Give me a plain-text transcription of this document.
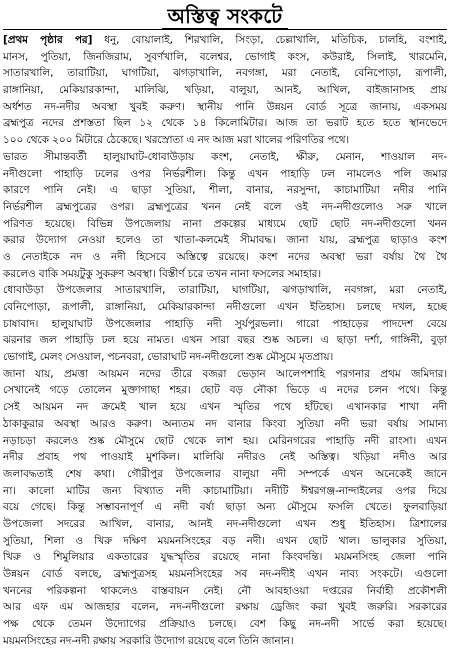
অস্তিত্ব সংকটে
[প্রথম পৃষ্ঠার পর] ধনু, বোয়ালাই, শিরখালি, সিংড়া, চেল্লাখালি, মতিচিক, চালহি, বংশাই,
মানস, পুতিয়া, জিনজিরাম, সুবর্ণখালি, বলেশ্বর, ভোগাই কংস, কউরাই, সিলাই, খারমেনি,
সাতারখালি, তারাটিয়া, ঘাগটিয়া, ঝগড়াখালি, নবগঙ্গা, মরা নেতাই, বেনিপোড়া, রূপালী,
রাঙ্গানিয়া, মেকিয়ারকান্দা, মালিঝি, খড়িয়া, বালুয়া, আনই, আখিল, বাইজানাসহ প্রায়
অর্ধশত নদ-নদীর অবস্থা খুবই করুণ। স্থানীয় পানি উন্নয়ন বোর্ড সূত্রে জানায়, একসময়
ব্রহ্মপুত্র নদের প্রশস্ততা ছিল ১২ থেকে ১৪ কিলোমিটার। আজ তা ভরাট হতে হতে স্থানভেদে
১০০ থেকে ২০০ মিটারে ঠেকেছে। খরস্রোতা এ নদ আজ মরা খালের পরিণতির পথে।
ভারত সীমান্তবর্তী হালুয়াঘাট-ধোবাউড়ায় কংশ, নেতাই, ক্ষীরু, মেনান, শাওয়াল নদ-
নদীগুলো পাহাড়ি ঢলের ওপর নির্ভরশীল। কিন্তু এখন পাহাড়ি ঢল নামলেও পলি জমার
কারণে পানি নেই। এ ছাড়া সুতিয়া, শীলা, বানার, নরসুন্দা, কাচামাটিয়া নদীর পানি
নির্ভরশীল ব্রহ্মপুত্রের ওপর। ব্রহ্মপুত্রের খনন নেই বলে ওই নদ-নদীগুলোও সরু খালে
পরিণত হয়েছে। বিভিন্ন উপজেলায় নানা প্রকল্পের মাধ্যমে ছোট ছোট নদ-নদীগুলো খনন
করার উদ্যোগ নেওয়া হলেও তা খাতা-কলমেই সীমাবদ্ধ। জানা যায়, ব্রহ্মপুত্র ছাড়াও কংশ
ও নেতাইকে নদ ও নদী হিসেবে অস্তিত্বে রয়েছে। কংশ নদের অবস্থা ভরা বর্ষায় থৈ থৈ
করলেও বাকি সময়টুকু সুকরুণ অবস্থা। বিস্তীর্ণ চরে তখন নানা ফসলের সমাহার।
ধোবাউড়া উপজেলার সাতারখালি, তারাটিয়া, ঘাগটিয়া, ঝগড়াখালি, নবগঙ্গা, মরা নেতাই,
বেনিপোড়া, রূপালী, রাঙ্গানিয়া, মেকিয়ারকান্দা নদীগুলো এখন ইতিহাস। চলছে দখল, হচ্ছে
চাষাবাদ। হালুয়াঘাট উপজেলার পাহাড়ি নদী সুর্যপুরভলা। গারো পাহাড়ের পাদদেশ বেয়ে
ঝরনার জল পাহাড়ি ঢল হয়ে নামত। এখন সারা বছর শুষ্ক অচল। এ ছাড়া দর্শা, গাঙ্গিনী, বুড়া
ভোগাই, মেলং সেওয়াল, পচনবরা, ভোরাঘাট নদ-নদীগুলো শুষ্ক মৌসুমে মৃতপ্রায়।
জানা যায়, প্রমত্তা আয়মন নদের তীরে বজরা ভেড়ান আলেপশাহি পরগনার প্রথম জমিদার।
সেখানেই গড়ে তোলেন মুক্তাগাছা শহর। ছোট বড় নৌকা ভিড়ে এ নদের চলন পথে। কিন্তু
সেই আয়মন নদ ক্রমেই খাল হয়ে এখন স্মৃতির পথে হাঁটছে। এখানকার শাখা নদী
ঠাকাকুরার অবস্থা আরও করুণ। অন্যতম নদ বানার কিংবা সুতিয়া নদী ভরা বর্ষায় সামান্য
নড়াচড়া করলেও শুষ্ক মৌসুমে ছোট থেকে লাশ হয়। মেরিনগরের পাহাড়ি নদী রাংসা। এখন
নদীর প্রবাহ পথ পাওয়াই মুশকিল। মালিঝি নদীরও নেই অস্তিত্ব। খড়িয়া নদীও আর
জলাবদ্ধতাই শেষ কথা। গৌরীপুর উপজেলার বালুয়া নদী সম্পর্কে এখন অনেকেই জানে
না। কালো মাটির জন্য বিখ্যাত নদী কাচামাটিয়া। নদীটি ঈশ্বরগঞ্জ-নান্দাইলের ওপর দিয়ে
বয়ে গেছে। কিন্তু সম্ভাবনাপূর্ণ এ নদী বর্ষা ছাড়া অন্য মৌসুমে ফসলি খেতে। ফুলবাড়িয়া
উপজেলা সদরের আখিল, বানার, আনই নদ-নদীগুলো এখন শুধু ইতিহাস। ত্রিশালের
সুতিয়া, শিলা ও খিরু দক্ষিণ ময়মনসিংহের বড় নদী। এখন ছোট খাল। ভালুকার সুতিয়া,
খিরু ও শিমুলিয়ার একতারের যুদ্ধস্মৃতির রয়েছে নানা কিংবদন্তি। ময়মনসিংহ জেলা পানি
উন্নয়ন বোর্ড বলছে, ব্রহ্মপুত্রসহ ময়মনসিংহের সব নদ-নদীই এখন নাব্য সংকটে। এগুলো
খননের পরিকল্পনা থাকলেও বাস্তবায়ন নেই। নৌ আবহাওয়া দপ্তরের নির্বাহী প্রকৌশলী
আর এফ এম আজহার বলেন, নদ-নদীগুলো রক্ষায় ড্রেজিং করা খুবই জরুরি। সরকারের
পক্ষ থেকে তেমন উদ্যোগের প্রক্রিয়াও চলছে। বেশ কিছু নদ-নদী সার্ভে করা হয়েছে।
ময়মনসিংহের নদ-নদী রক্ষায় সরকারি উদ্যোগ রয়েছে বলে তিনি জানান।
